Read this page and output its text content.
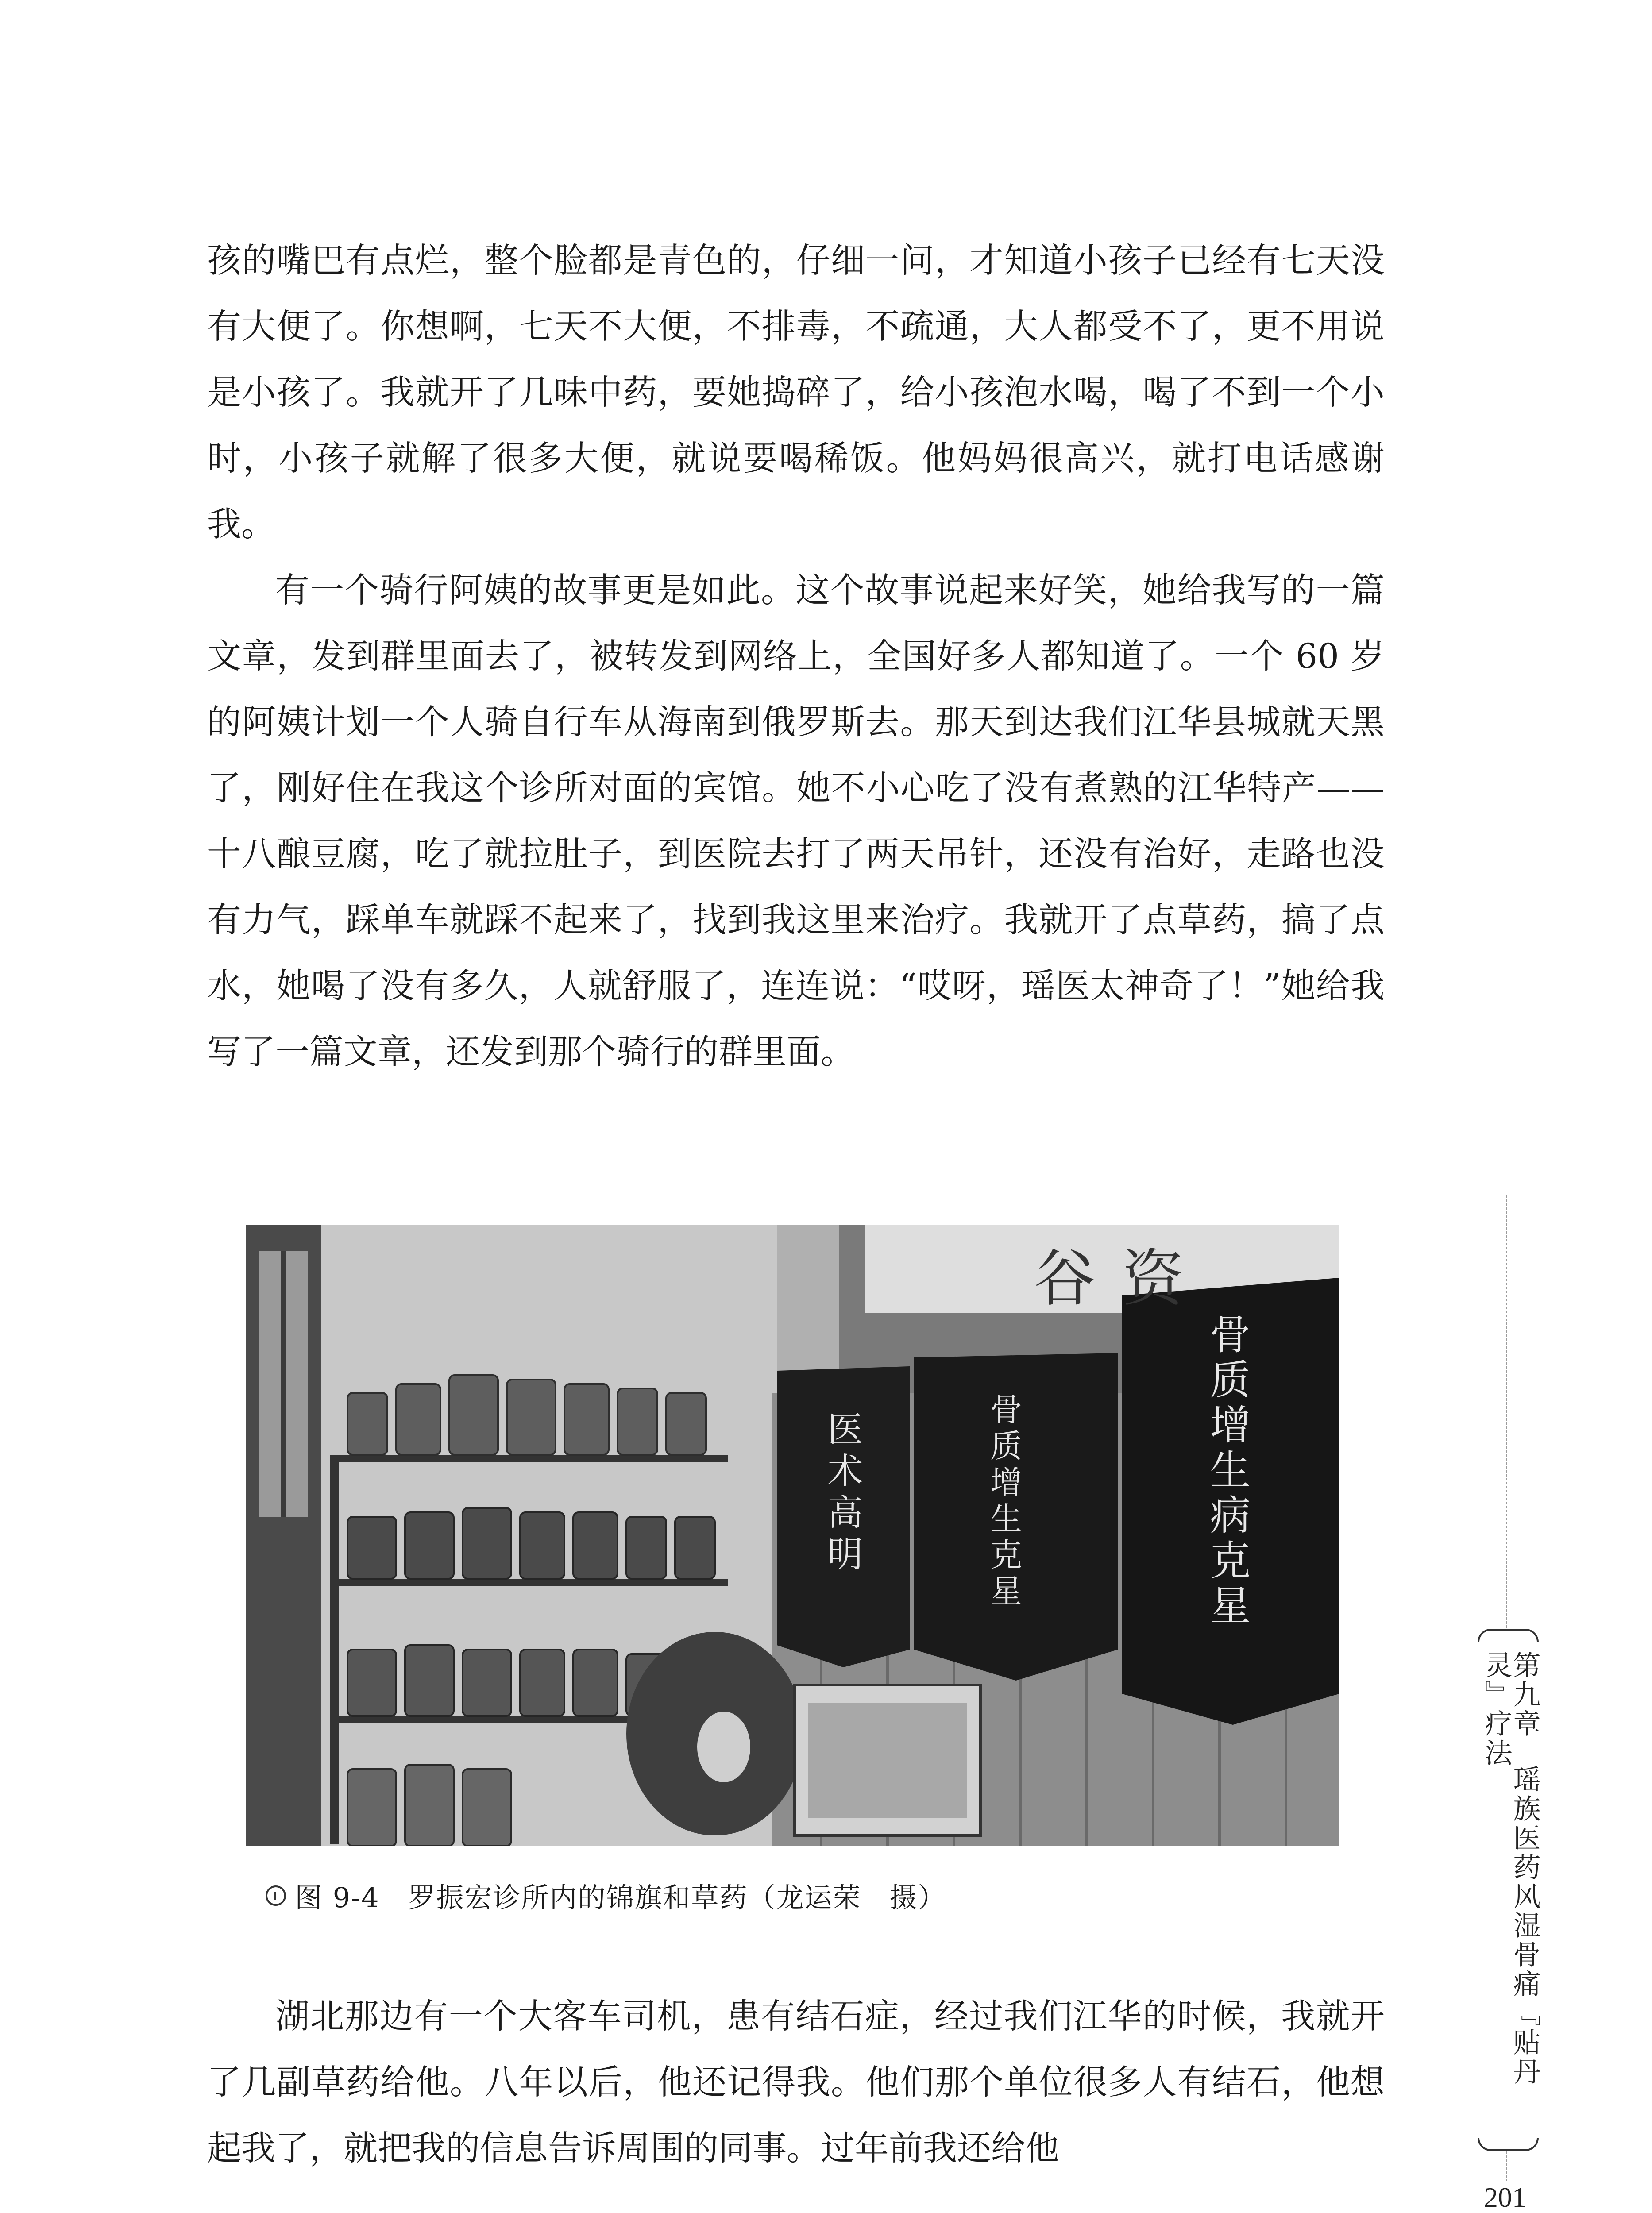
孩的嘴巴有点烂，整个脸都是青色的，仔细一问，才知道小孩子已经有七天没有大便了。你想啊，七天不大便，不排毒，不疏通，大人都受不了，更不用说是小孩了。我就开了几味中药，要她捣碎了，给小孩泡水喝，喝了不到一个小时，小孩子就解了很多大便，就说要喝稀饭。他妈妈很高兴，就打电话感谢我。

有一个骑行阿姨的故事更是如此。这个故事说起来好笑，她给我写的一篇文章，发到群里面去了，被转发到网络上，全国好多人都知道了。一个 60 岁的阿姨计划一个人骑自行车从海南到俄罗斯去。那天到达我们江华县城就天黑了，刚好住在我这个诊所对面的宾馆。她不小心吃了没有煮熟的江华特产——十八酿豆腐，吃了就拉肚子，到医院去打了两天吊针，还没有治好，走路也没有力气，踩单车就踩不起来了，找到我这里来治疗。我就开了点草药，搞了点水，她喝了没有多久，人就舒服了，连连说：“哎呀，瑶医太神奇了！”她给我写了一篇文章，还发到那个骑行的群里面。

医术高明	骨质增生克星	骨质增生病克星
谷资
图 9-4　罗振宏诊所内的锦旗和草药（龙运荣　摄）

湖北那边有一个大客车司机，患有结石症，经过我们江华的时候，我就开了几副草药给他。八年以后，他还记得我。他们那个单位很多人有结石，他想起我了，就把我的信息告诉周围的同事。过年前我还给他

第九章瑶族医药风湿骨痛『贴丹灵』疗法
201
